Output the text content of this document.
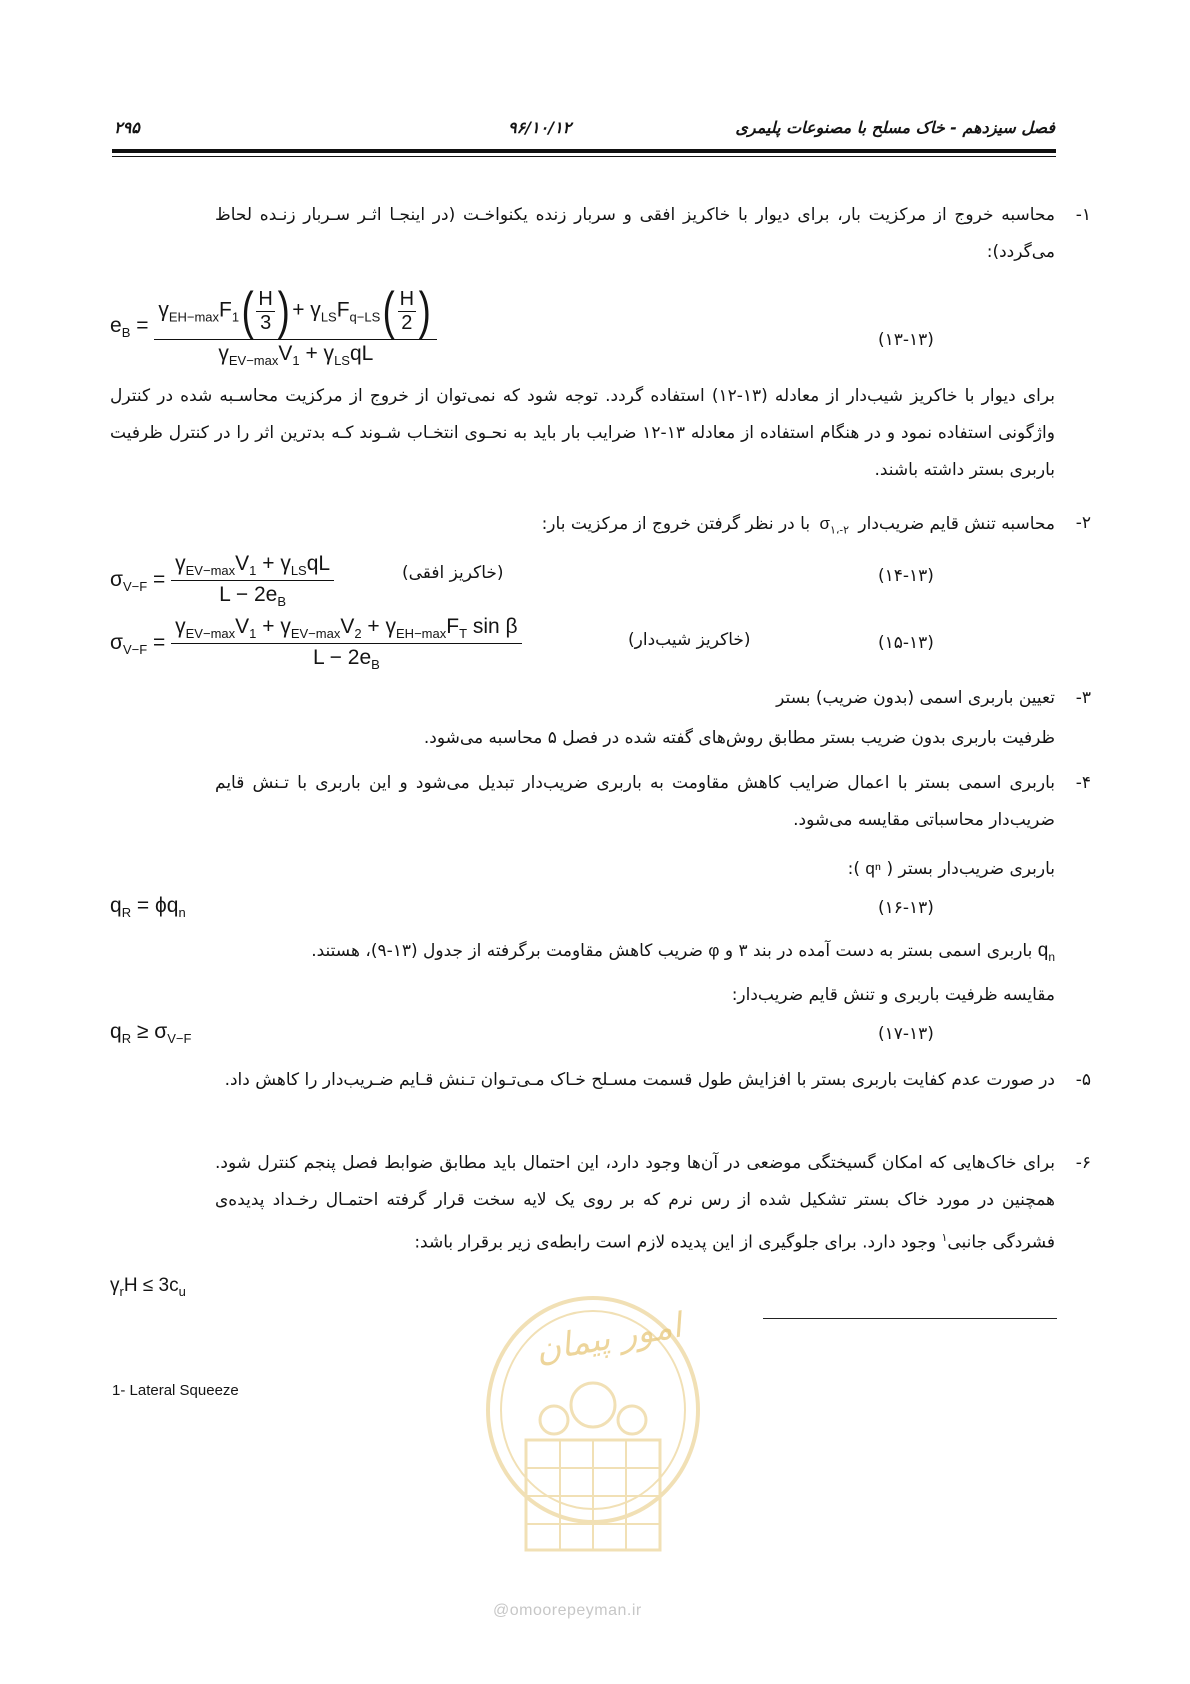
فصل سیزدهم - خاک مسلح با مصنوعات پلیمری
۹۶/۱۰/۱۲
۲۹۵
۱-
محاسبه خروج از مرکزیت بار، برای دیوار با خاکریز افقی و سربار زنده یکنواخـت (در اینجـا اثـر سـربار زنـده لحاظ می‌گردد):
$e_B = \frac{\gamma_{EH-max}F_1 ( \frac{H}{3} ) + \gamma_{LS}F_{q-LS} ( \frac{H}{2} )}{\gamma_{EV-max}V_1 + \gamma_{LS}qL}$	(۱۳-۱۳)
برای دیوار با خاکریز شیب‌دار از معادله (۱۳-۱۲) استفاده گردد. توجه شود که نمی‌توان از خروج از مرکزیت محاسـبه شده در کنترل واژگونی استفاده نمود و در هنگام استفاده از معادله ۱۳-۱۲ ضرایب بار باید به نحـوی انتخـاب شـوند کـه بدترین اثر را در کنترل ظرفیت باربری بستر داشته باشند.
۲-
محاسبه تنش قایم ضریب‌دار $\sigma_{۱،-۲}$ با در نظر گرفتن خروج از مرکزیت بار:
$\sigma_{V-F} = \frac{\gamma_{EV-max}V_1 + \gamma_{LS}qL}{L - 2e_B}$	(خاکریز افقی)	(۱۴-۱۳)
$\sigma_{V-F} = \frac{\gamma_{EV-max}V_1 + \gamma_{EV-max}V_2 + \gamma_{EH-max}F_T \sin \beta}{L - 2e_B}$	(خاکریز شیب‌دار)	(۱۵-۱۳)
۳-
تعیین باربری اسمی (بدون ضریب) بستر
ظرفیت باربری بدون ضریب بستر مطابق روش‌های گفته شده در فصل ۵ محاسبه می‌شود.
۴-
باربری اسمی بستر با اعمال ضرایب کاهش مقاومت به باربری ضریب‌دار تبدیل می‌شود و این باربری با تـنش قایم ضریب‌دار محاسباتی مقایسه می‌شود.
باربری ضریب‌دار بستر ( qⁿ ):
$q_R = \phi q_n$	(۱۶-۱۳)
$q_n$ باربری اسمی بستر به دست آمده در بند ۳ و φ ضریب کاهش مقاومت برگرفته از جدول (۱۳-۹)، هستند.
مقایسه ظرفیت باربری و تنش قایم ضریب‌دار:
$q_R \ge \sigma_{V-F}$	(۱۷-۱۳)
۵-
در صورت عدم کفایت باربری بستر با افزایش طول قسمت مسـلح خـاک مـی‌تـوان تـنش قـایم ضـریب‌دار را کاهش داد.
۶-
برای خاک‌هایی که امکان گسیختگی موضعی در آن‌ها وجود دارد، این احتمال باید مطابق ضوابط فصل پنجم کنترل شود. همچنین در مورد خاک بستر تشکیل شده از رس نرم که بر روی یک لایه سخت قرار گرفته احتمـال رخـداد پدیده‌ی فشردگی جانبی$^۱$ وجود دارد. برای جلوگیری از این پدیده لازم است رابطه‌ی زیر برقرار باشد:
$\gamma_rH \le 3c_u$
1- Lateral Squeeze
امور پیمان
@omoorepeyman.ir
